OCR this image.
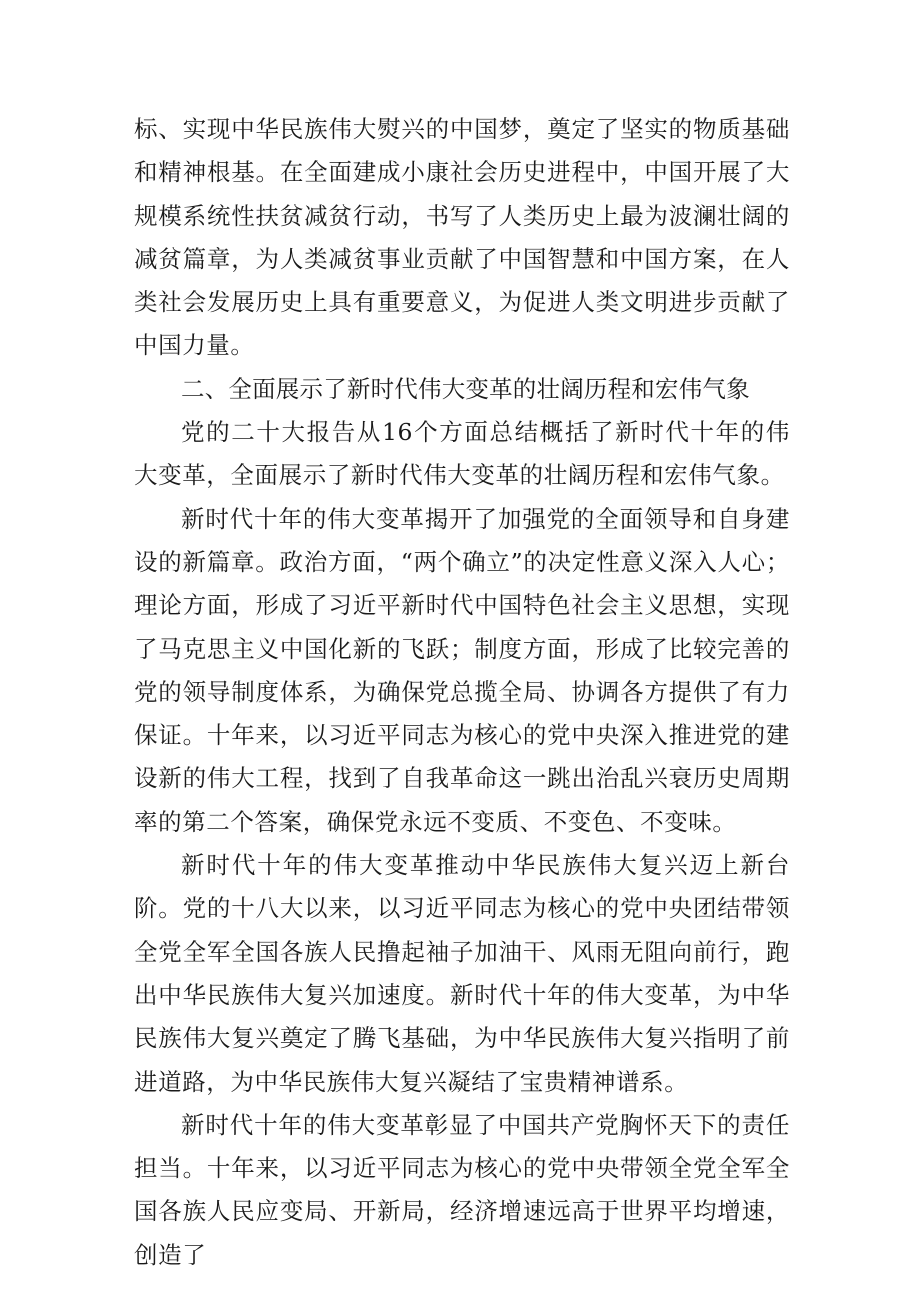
标、实现中华民族伟大熨兴的中国梦，奠定了坚实的物质基础和精神根基。在全面建成小康社会历史进程中，中国开展了大规模系统性扶贫减贫行动，书写了人类历史上最为波澜壮阔的减贫篇章，为人类减贫事业贡献了中国智慧和中国方案，在人类社会发展历史上具有重要意义，为促进人类文明进步贡献了中国力量。

二、全面展示了新时代伟大变革的壮阔历程和宏伟气象

党的二十大报告从16个方面总结概括了新时代十年的伟大变革，全面展示了新时代伟大变革的壮阔历程和宏伟气象。

新时代十年的伟大变革揭开了加强党的全面领导和自身建设的新篇章。政治方面，“两个确立”的决定性意义深入人心；理论方面，形成了习近平新时代中国特色社会主义思想，实现了马克思主义中国化新的飞跃；制度方面，形成了比较完善的党的领导制度体系，为确保党总揽全局、协调各方提供了有力保证。十年来，以习近平同志为核心的党中央深入推进党的建设新的伟大工程，找到了自我革命这一跳出治乱兴衰历史周期率的第二个答案，确保党永远不变质、不变色、不变味。

新时代十年的伟大变革推动中华民族伟大复兴迈上新台阶。党的十八大以来，以习近平同志为核心的党中央团结带领全党全军全国各族人民撸起袖子加油干、风雨无阻向前行，跑出中华民族伟大复兴加速度。新时代十年的伟大变革，为中华民族伟大复兴奠定了腾飞基础，为中华民族伟大复兴指明了前进道路，为中华民族伟大复兴凝结了宝贵精神谱系。

新时代十年的伟大变革彰显了中国共产党胸怀天下的责任担当。十年来，以习近平同志为核心的党中央带领全党全军全国各族人民应变局、开新局，经济增速远高于世界平均增速，创造了
